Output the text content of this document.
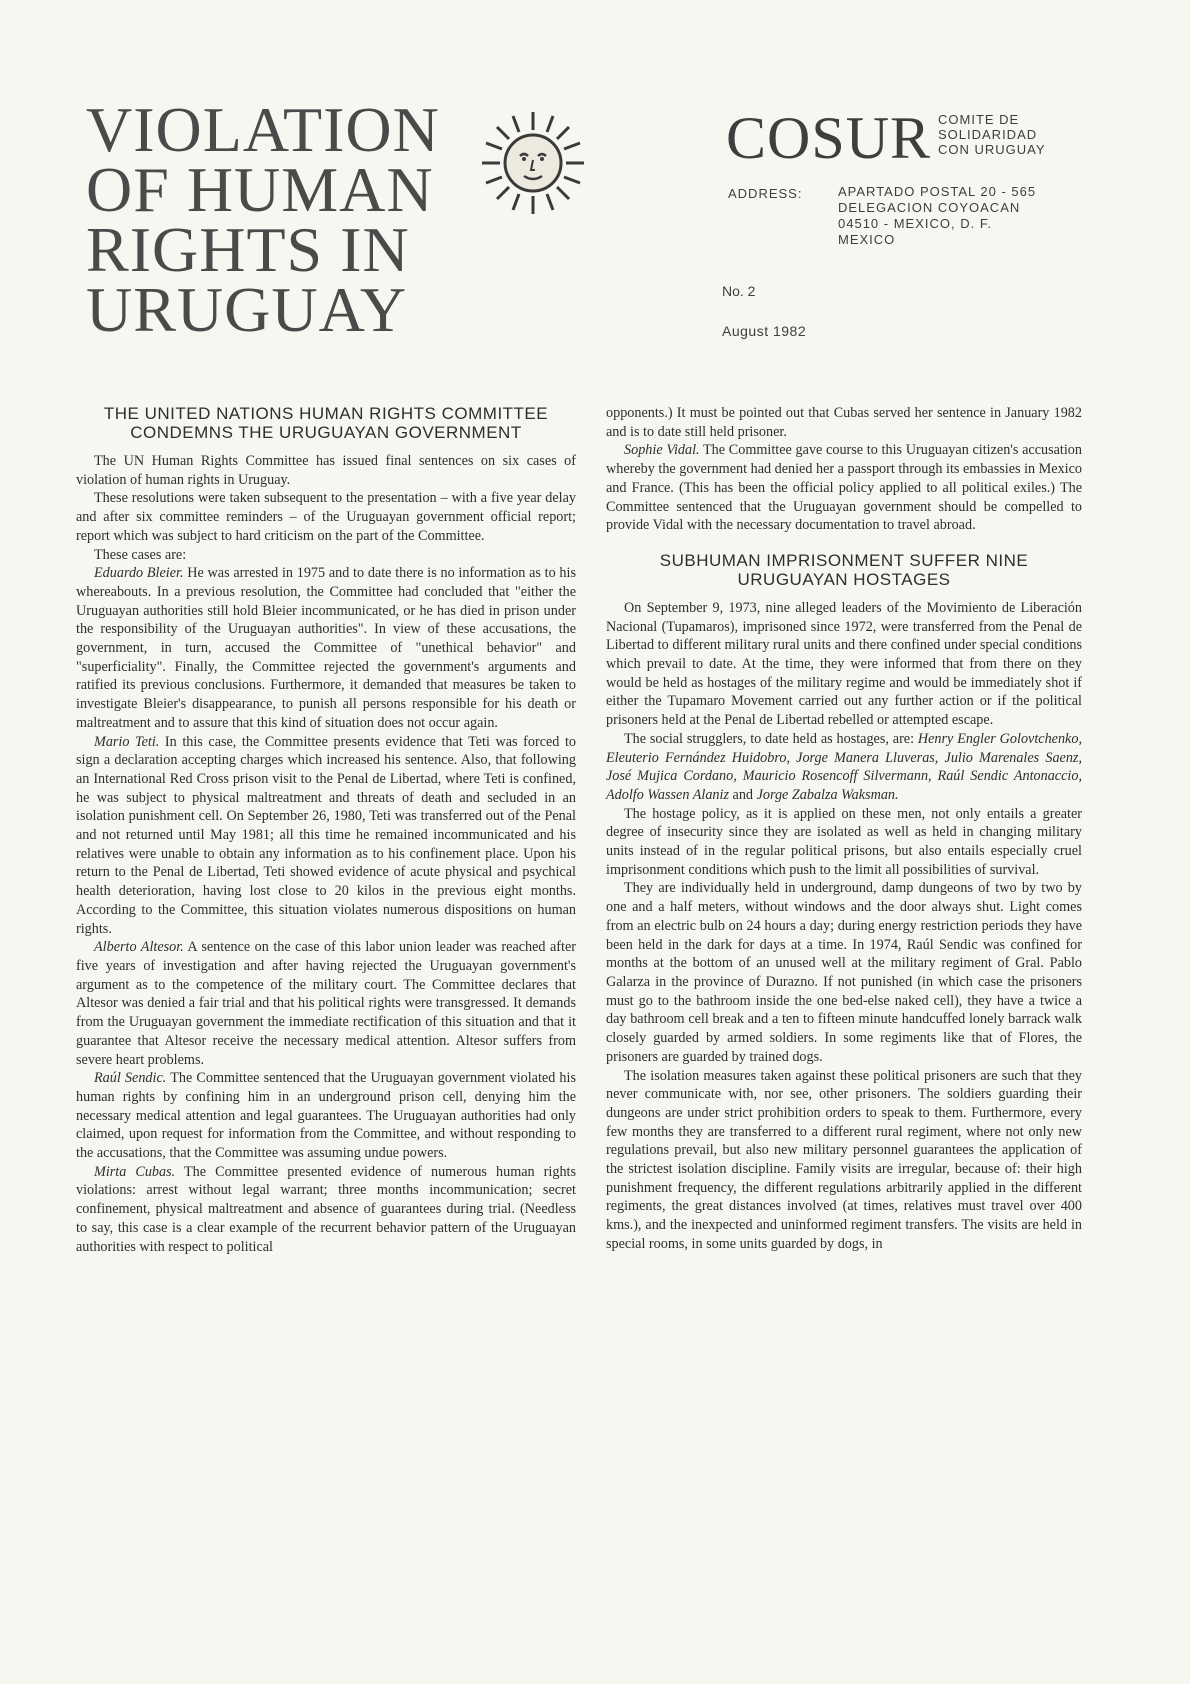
VIOLATION
OF HUMAN
RIGHTS IN
URUGUAY
COSUR COMITE DE
SOLIDARIDAD
CON URUGUAY
ADDRESS:	APARTADO POSTAL 20 - 565
DELEGACION COYOACAN
04510 - MEXICO, D. F.
MEXICO
No. 2
August 1982
THE UNITED NATIONS HUMAN RIGHTS COMMITTEE CONDEMNS THE URUGUAYAN GOVERNMENT

The UN Human Rights Committee has issued final sentences on six cases of violation of human rights in Uruguay.

These resolutions were taken subsequent to the presentation – with a five year delay and after six committee reminders – of the Uruguayan government official report; report which was subject to hard criticism on the part of the Committee.

These cases are:

Eduardo Bleier. He was arrested in 1975 and to date there is no information as to his whereabouts. In a previous resolution, the Committee had concluded that "either the Uruguayan authorities still hold Bleier incommunicated, or he has died in prison under the responsibility of the Uruguayan authorities". In view of these accusations, the government, in turn, accused the Committee of "unethical behavior" and "superficiality". Finally, the Committee rejected the government's arguments and ratified its previous conclusions. Furthermore, it demanded that measures be taken to investigate Bleier's disappearance, to punish all persons responsible for his death or maltreatment and to assure that this kind of situation does not occur again.

Mario Teti. In this case, the Committee presents evidence that Teti was forced to sign a declaration accepting charges which increased his sentence. Also, that following an International Red Cross prison visit to the Penal de Libertad, where Teti is confined, he was subject to physical maltreatment and threats of death and secluded in an isolation punishment cell. On September 26, 1980, Teti was transferred out of the Penal and not returned until May 1981; all this time he remained incommunicated and his relatives were unable to obtain any information as to his confinement place. Upon his return to the Penal de Libertad, Teti showed evidence of acute physical and psychical health deterioration, having lost close to 20 kilos in the previous eight months. According to the Committee, this situation violates numerous dispositions on human rights.

Alberto Altesor. A sentence on the case of this labor union leader was reached after five years of investigation and after having rejected the Uruguayan government's argument as to the competence of the military court. The Committee declares that Altesor was denied a fair trial and that his political rights were transgressed. It demands from the Uruguayan government the immediate rectification of this situation and that it guarantee that Altesor receive the necessary medical attention. Altesor suffers from severe heart problems.

Raúl Sendic. The Committee sentenced that the Uruguayan government violated his human rights by confining him in an underground prison cell, denying him the necessary medical attention and legal guarantees. The Uruguayan authorities had only claimed, upon request for information from the Committee, and without responding to the accusations, that the Committee was assuming undue powers.

Mirta Cubas. The Committee presented evidence of numerous human rights violations: arrest without legal warrant; three months incommunication; secret confinement, physical maltreatment and absence of guarantees during trial. (Needless to say, this case is a clear example of the recurrent behavior pattern of the Uruguayan authorities with respect to political

opponents.) It must be pointed out that Cubas served her sentence in January 1982 and is to date still held prisoner.

Sophie Vidal. The Committee gave course to this Uruguayan citizen's accusation whereby the government had denied her a passport through its embassies in Mexico and France. (This has been the official policy applied to all political exiles.) The Committee sentenced that the Uruguayan government should be compelled to provide Vidal with the necessary documentation to travel abroad.

SUBHUMAN IMPRISONMENT SUFFER NINE URUGUAYAN HOSTAGES

On September 9, 1973, nine alleged leaders of the Movimiento de Liberación Nacional (Tupamaros), imprisoned since 1972, were transferred from the Penal de Libertad to different military rural units and there confined under special conditions which prevail to date. At the time, they were informed that from there on they would be held as hostages of the military regime and would be immediately shot if either the Tupamaro Movement carried out any further action or if the political prisoners held at the Penal de Libertad rebelled or attempted escape.

The social strugglers, to date held as hostages, are: Henry Engler Golovtchenko, Eleuterio Fernández Huidobro, Jorge Manera Lluveras, Julio Marenales Saenz, José Mujica Cordano, Mauricio Rosencoff Silvermann, Raúl Sendic Antonaccio, Adolfo Wassen Alaniz and Jorge Zabalza Waksman.

The hostage policy, as it is applied on these men, not only entails a greater degree of insecurity since they are isolated as well as held in changing military units instead of in the regular political prisons, but also entails especially cruel imprisonment conditions which push to the limit all possibilities of survival.

They are individually held in underground, damp dungeons of two by two by one and a half meters, without windows and the door always shut. Light comes from an electric bulb on 24 hours a day; during energy restriction periods they have been held in the dark for days at a time. In 1974, Raúl Sendic was confined for months at the bottom of an unused well at the military regiment of Gral. Pablo Galarza in the province of Durazno. If not punished (in which case the prisoners must go to the bathroom inside the one bed-else naked cell), they have a twice a day bathroom cell break and a ten to fifteen minute handcuffed lonely barrack walk closely guarded by armed soldiers. In some regiments like that of Flores, the prisoners are guarded by trained dogs.

The isolation measures taken against these political prisoners are such that they never communicate with, nor see, other prisoners. The soldiers guarding their dungeons are under strict prohibition orders to speak to them. Furthermore, every few months they are transferred to a different rural regiment, where not only new regulations prevail, but also new military personnel guarantees the application of the strictest isolation discipline. Family visits are irregular, because of: their high punishment frequency, the different regulations arbitrarily applied in the different regiments, the great distances involved (at times, relatives must travel over 400 kms.), and the inexpected and uninformed regiment transfers. The visits are held in special rooms, in some units guarded by dogs, in
